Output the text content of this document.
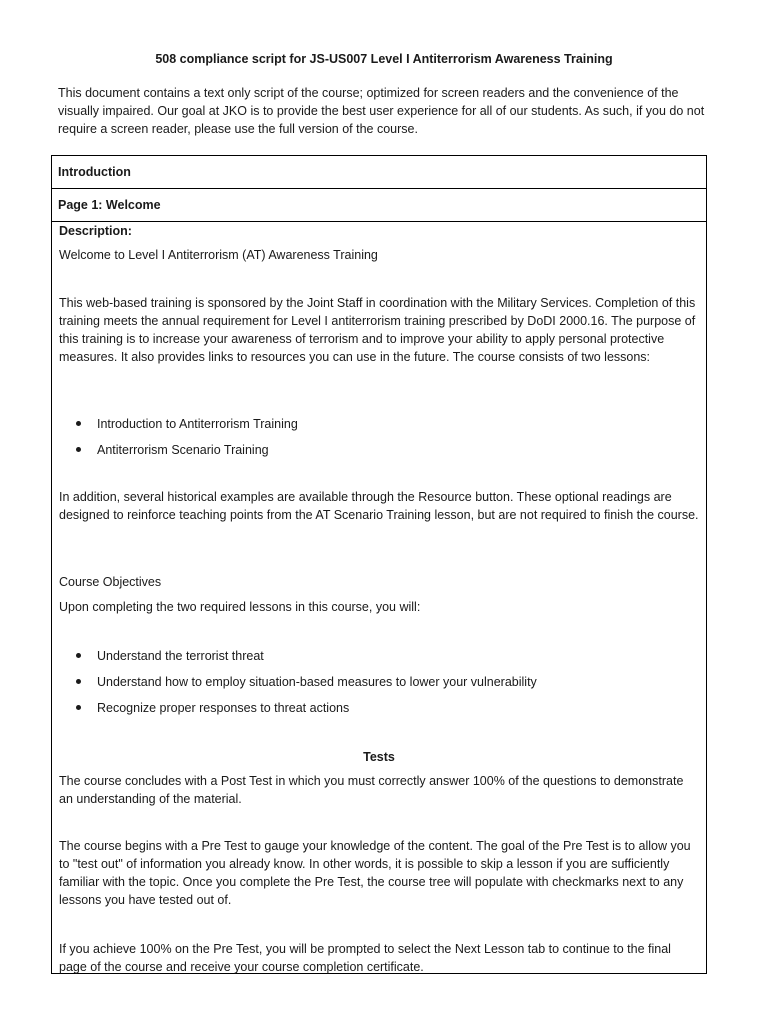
508 compliance script for JS-US007 Level I Antiterrorism Awareness Training

This document contains a text only script of the course; optimized for screen readers and the convenience of the visually impaired. Our goal at JKO is to provide the best user experience for all of our students. As such, if you do not require a screen reader, please use the full version of the course.

Introduction
Page 1: Welcome
Description:

Welcome to Level I Antiterrorism (AT) Awareness Training

This web-based training is sponsored by the Joint Staff in coordination with the Military Services. Completion of this training meets the annual requirement for Level I antiterrorism training prescribed by DoDI 2000.16. The purpose of this training is to increase your awareness of terrorism and to improve your ability to apply personal protective measures. It also provides links to resources you can use in the future. The course consists of two lessons:

Introduction to Antiterrorism Training
Antiterrorism Scenario Training

In addition, several historical examples are available through the Resource button. These optional readings are designed to reinforce teaching points from the AT Scenario Training lesson, but are not required to finish the course.

Course Objectives

Upon completing the two required lessons in this course, you will:

Understand the terrorist threat
Understand how to employ situation-based measures to lower your vulnerability
Recognize proper responses to threat actions

Tests

The course concludes with a Post Test in which you must correctly answer 100% of the questions to demonstrate an understanding of the material.

The course begins with a Pre Test to gauge your knowledge of the content. The goal of the Pre Test is to allow you to "test out" of information you already know. In other words, it is possible to skip a lesson if you are sufficiently familiar with the topic. Once you complete the Pre Test, the course tree will populate with checkmarks next to any lessons you have tested out of.

If you achieve 100% on the Pre Test, you will be prompted to select the Next Lesson tab to continue to the final page of the course and receive your course completion certificate.
